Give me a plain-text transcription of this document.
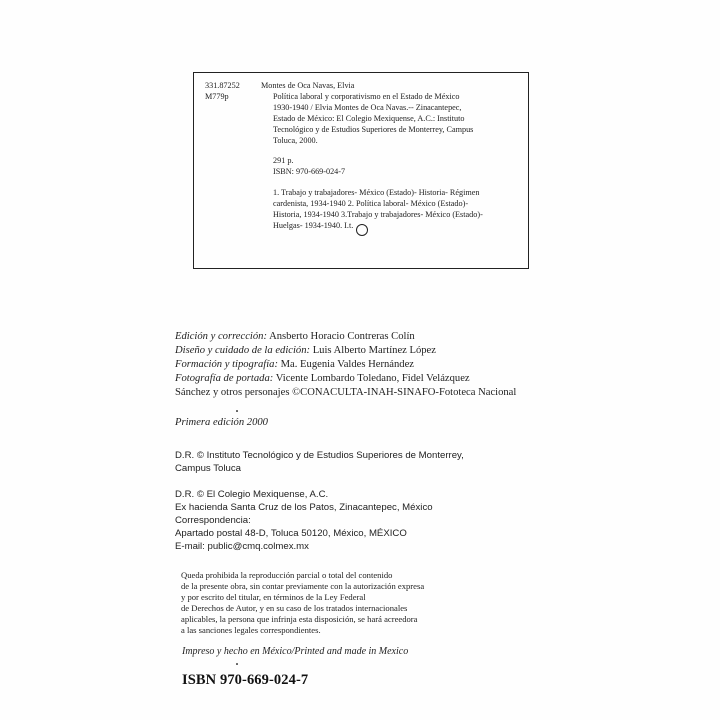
331.87252
M779p
Montes de Oca Navas, Elvia
Política laboral y corporativismo en el Estado de México
1930-1940 / Elvia Montes de Oca Navas.-- Zinacantepec,
Estado de México: El Colegio Mexiquense, A.C.: Instituto
Tecnológico y de Estudios Superiores de Monterrey, Campus
Toluca, 2000.
291 p.
ISBN: 970-669-024-7
1. Trabajo y trabajadores- México (Estado)- Historia- Régimen
cardenista, 1934-1940 2. Política laboral- México (Estado)-
Historia, 1934-1940 3.Trabajo y trabajadores- México (Estado)-
Huelgas- 1934-1940. I.t.
Edición y corrección: Ansberto Horacio Contreras Colín
Diseño y cuidado de la edición: Luis Alberto Martínez López
Formación y tipografía: Ma. Eugenia Valdes Hernández
Fotografía de portada: Vicente Lombardo Toledano, Fidel Velázquez
Sánchez y otros personajes ©CONACULTA-INAH-SINAFO-Fototeca Nacional
Primera edición 2000
D.R. © Instituto Tecnológico y de Estudios Superiores de Monterrey,
Campus Toluca
D.R. © El Colegio Mexiquense, A.C.
Ex hacienda Santa Cruz de los Patos, Zinacantepec, México
Correspondencia:
Apartado postal 48-D, Toluca 50120, México, MÉXICO
E-mail: public@cmq.colmex.mx
Queda prohibida la reproducción parcial o total del contenido
de la presente obra, sin contar previamente con la autorización expresa
y por escrito del titular, en términos de la Ley Federal
de Derechos de Autor, y en su caso de los tratados internacionales
aplicables, la persona que infrinja esta disposición, se hará acreedora
a las sanciones legales correspondientes.
Impreso y hecho en México/Printed and made in Mexico
ISBN 970-669-024-7
